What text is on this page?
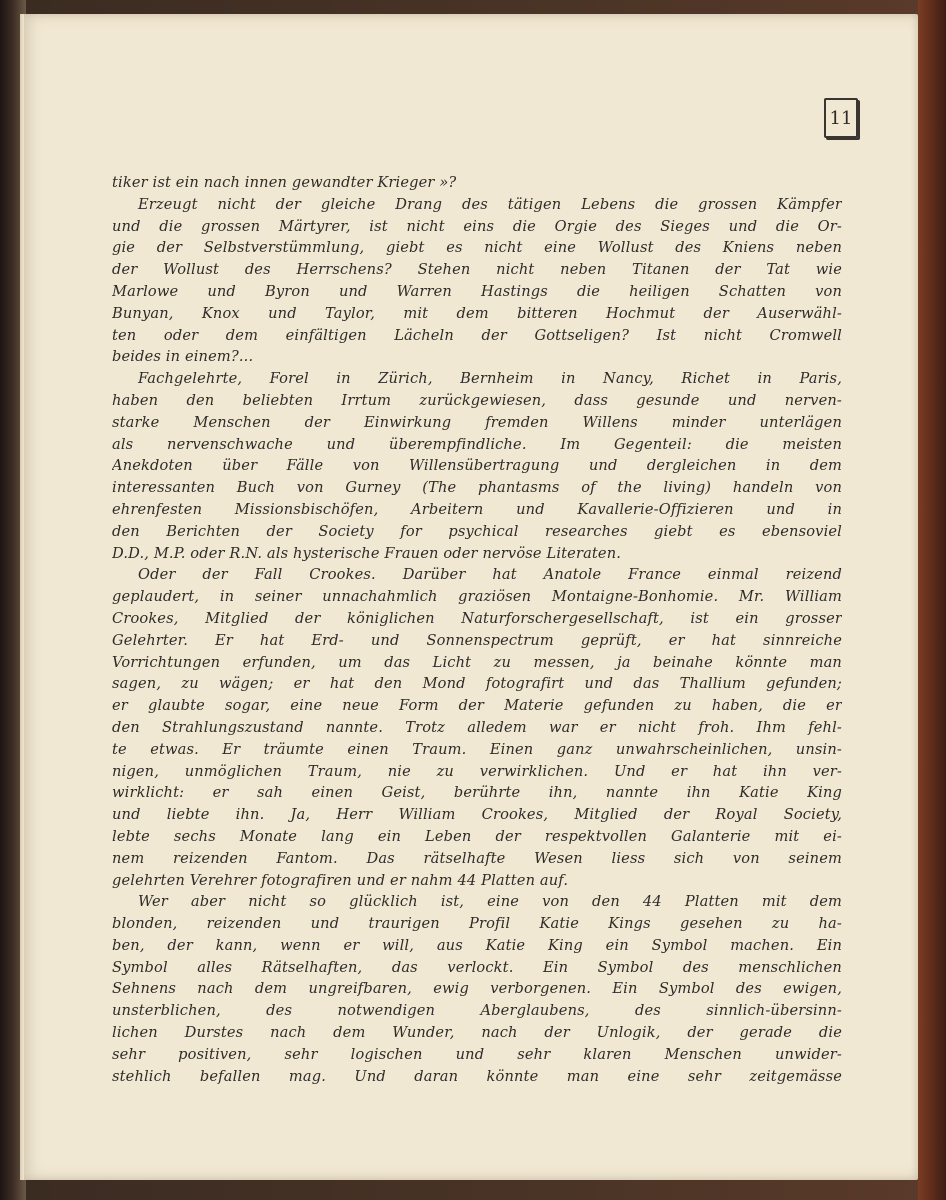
11
tiker ist ein nach innen gewandter Krieger »?
Erzeugt nicht der gleiche Drang des tätigen Lebens die grossen Kämpfer
und die grossen Märtyrer, ist nicht eins die Orgie des Sieges und die Or-
gie der Selbstverstümmlung, giebt es nicht eine Wollust des Kniens neben
der Wollust des Herrschens? Stehen nicht neben Titanen der Tat wie
Marlowe und Byron und Warren Hastings die heiligen Schatten von
Bunyan, Knox und Taylor, mit dem bitteren Hochmut der Auserwähl-
ten oder dem einfältigen Lächeln der Gottseligen? Ist nicht Cromwell
beides in einem?...
Fachgelehrte, Forel in Zürich, Bernheim in Nancy, Richet in Paris,
haben den beliebten Irrtum zurückgewiesen, dass gesunde und nerven-
starke Menschen der Einwirkung fremden Willens minder unterlägen
als nervenschwache und überempfindliche. Im Gegenteil: die meisten
Anekdoten über Fälle von Willensübertragung und dergleichen in dem
interessanten Buch von Gurney (The phantasms of the living) handeln von
ehrenfesten Missionsbischöfen, Arbeitern und Kavallerie-Offizieren und in
den Berichten der Society for psychical researches giebt es ebensoviel
D.D., M.P. oder R.N. als hysterische Frauen oder nervöse Literaten.
Oder der Fall Crookes. Darüber hat Anatole France einmal reizend
geplaudert, in seiner unnachahmlich graziösen Montaigne-Bonhomie. Mr. William
Crookes, Mitglied der königlichen Naturforschergesellschaft, ist ein grosser
Gelehrter. Er hat Erd- und Sonnenspectrum geprüft, er hat sinnreiche
Vorrichtungen erfunden, um das Licht zu messen, ja beinahe könnte man
sagen, zu wägen; er hat den Mond fotografirt und das Thallium gefunden;
er glaubte sogar, eine neue Form der Materie gefunden zu haben, die er
den Strahlungszustand nannte. Trotz alledem war er nicht froh. Ihm fehl-
te etwas. Er träumte einen Traum. Einen ganz unwahrscheinlichen, unsin-
nigen, unmöglichen Traum, nie zu verwirklichen. Und er hat ihn ver-
wirklicht: er sah einen Geist, berührte ihn, nannte ihn Katie King
und liebte ihn. Ja, Herr William Crookes, Mitglied der Royal Society,
lebte sechs Monate lang ein Leben der respektvollen Galanterie mit ei-
nem reizenden Fantom. Das rätselhafte Wesen liess sich von seinem
gelehrten Verehrer fotografiren und er nahm 44 Platten auf.
Wer aber nicht so glücklich ist, eine von den 44 Platten mit dem
blonden, reizenden und traurigen Profil Katie Kings gesehen zu ha-
ben, der kann, wenn er will, aus Katie King ein Symbol machen. Ein
Symbol alles Rätselhaften, das verlockt. Ein Symbol des menschlichen
Sehnens nach dem ungreifbaren, ewig verborgenen. Ein Symbol des ewigen,
unsterblichen, des notwendigen Aberglaubens, des sinnlich-übersinn-
lichen Durstes nach dem Wunder, nach der Unlogik, der gerade die
sehr positiven, sehr logischen und sehr klaren Menschen unwider-
stehlich befallen mag. Und daran könnte man eine sehr zeitgemässe
